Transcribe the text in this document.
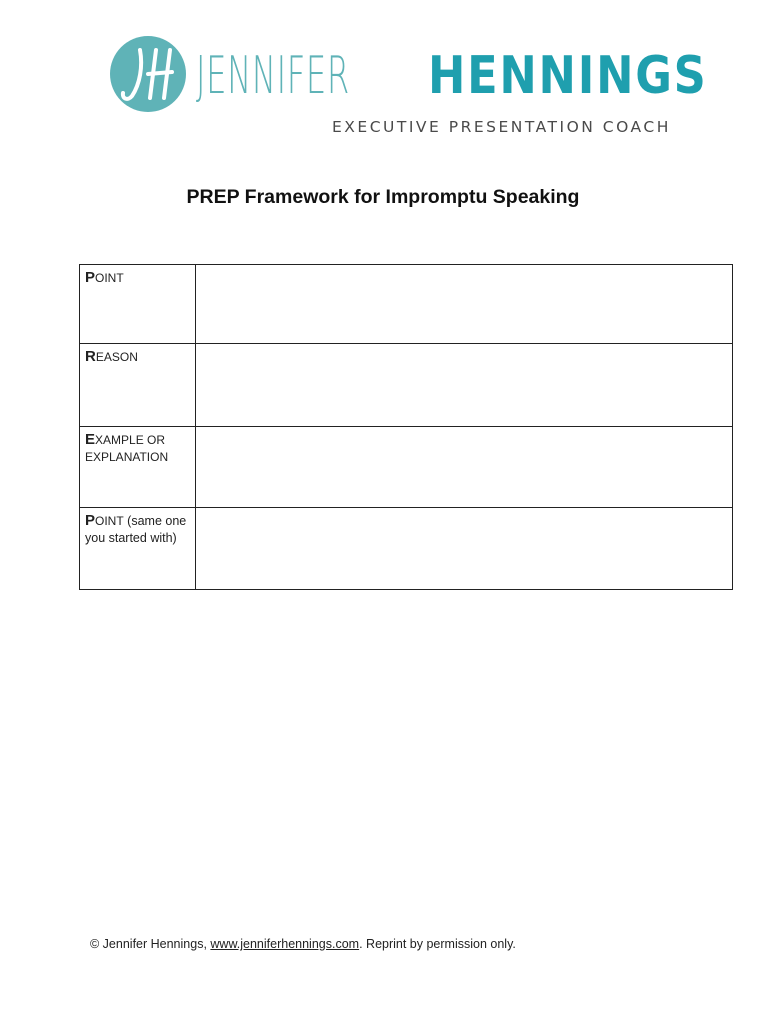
JENNIFER HENNINGS
EXECUTIVE PRESENTATION COACH
PREP Framework for Impromptu Speaking
POINT	
REASON	
EXAMPLE OR EXPLANATION	
POINT (same one you started with)	
© Jennifer Hennings, www.jenniferhennings.com. Reprint by permission only.
